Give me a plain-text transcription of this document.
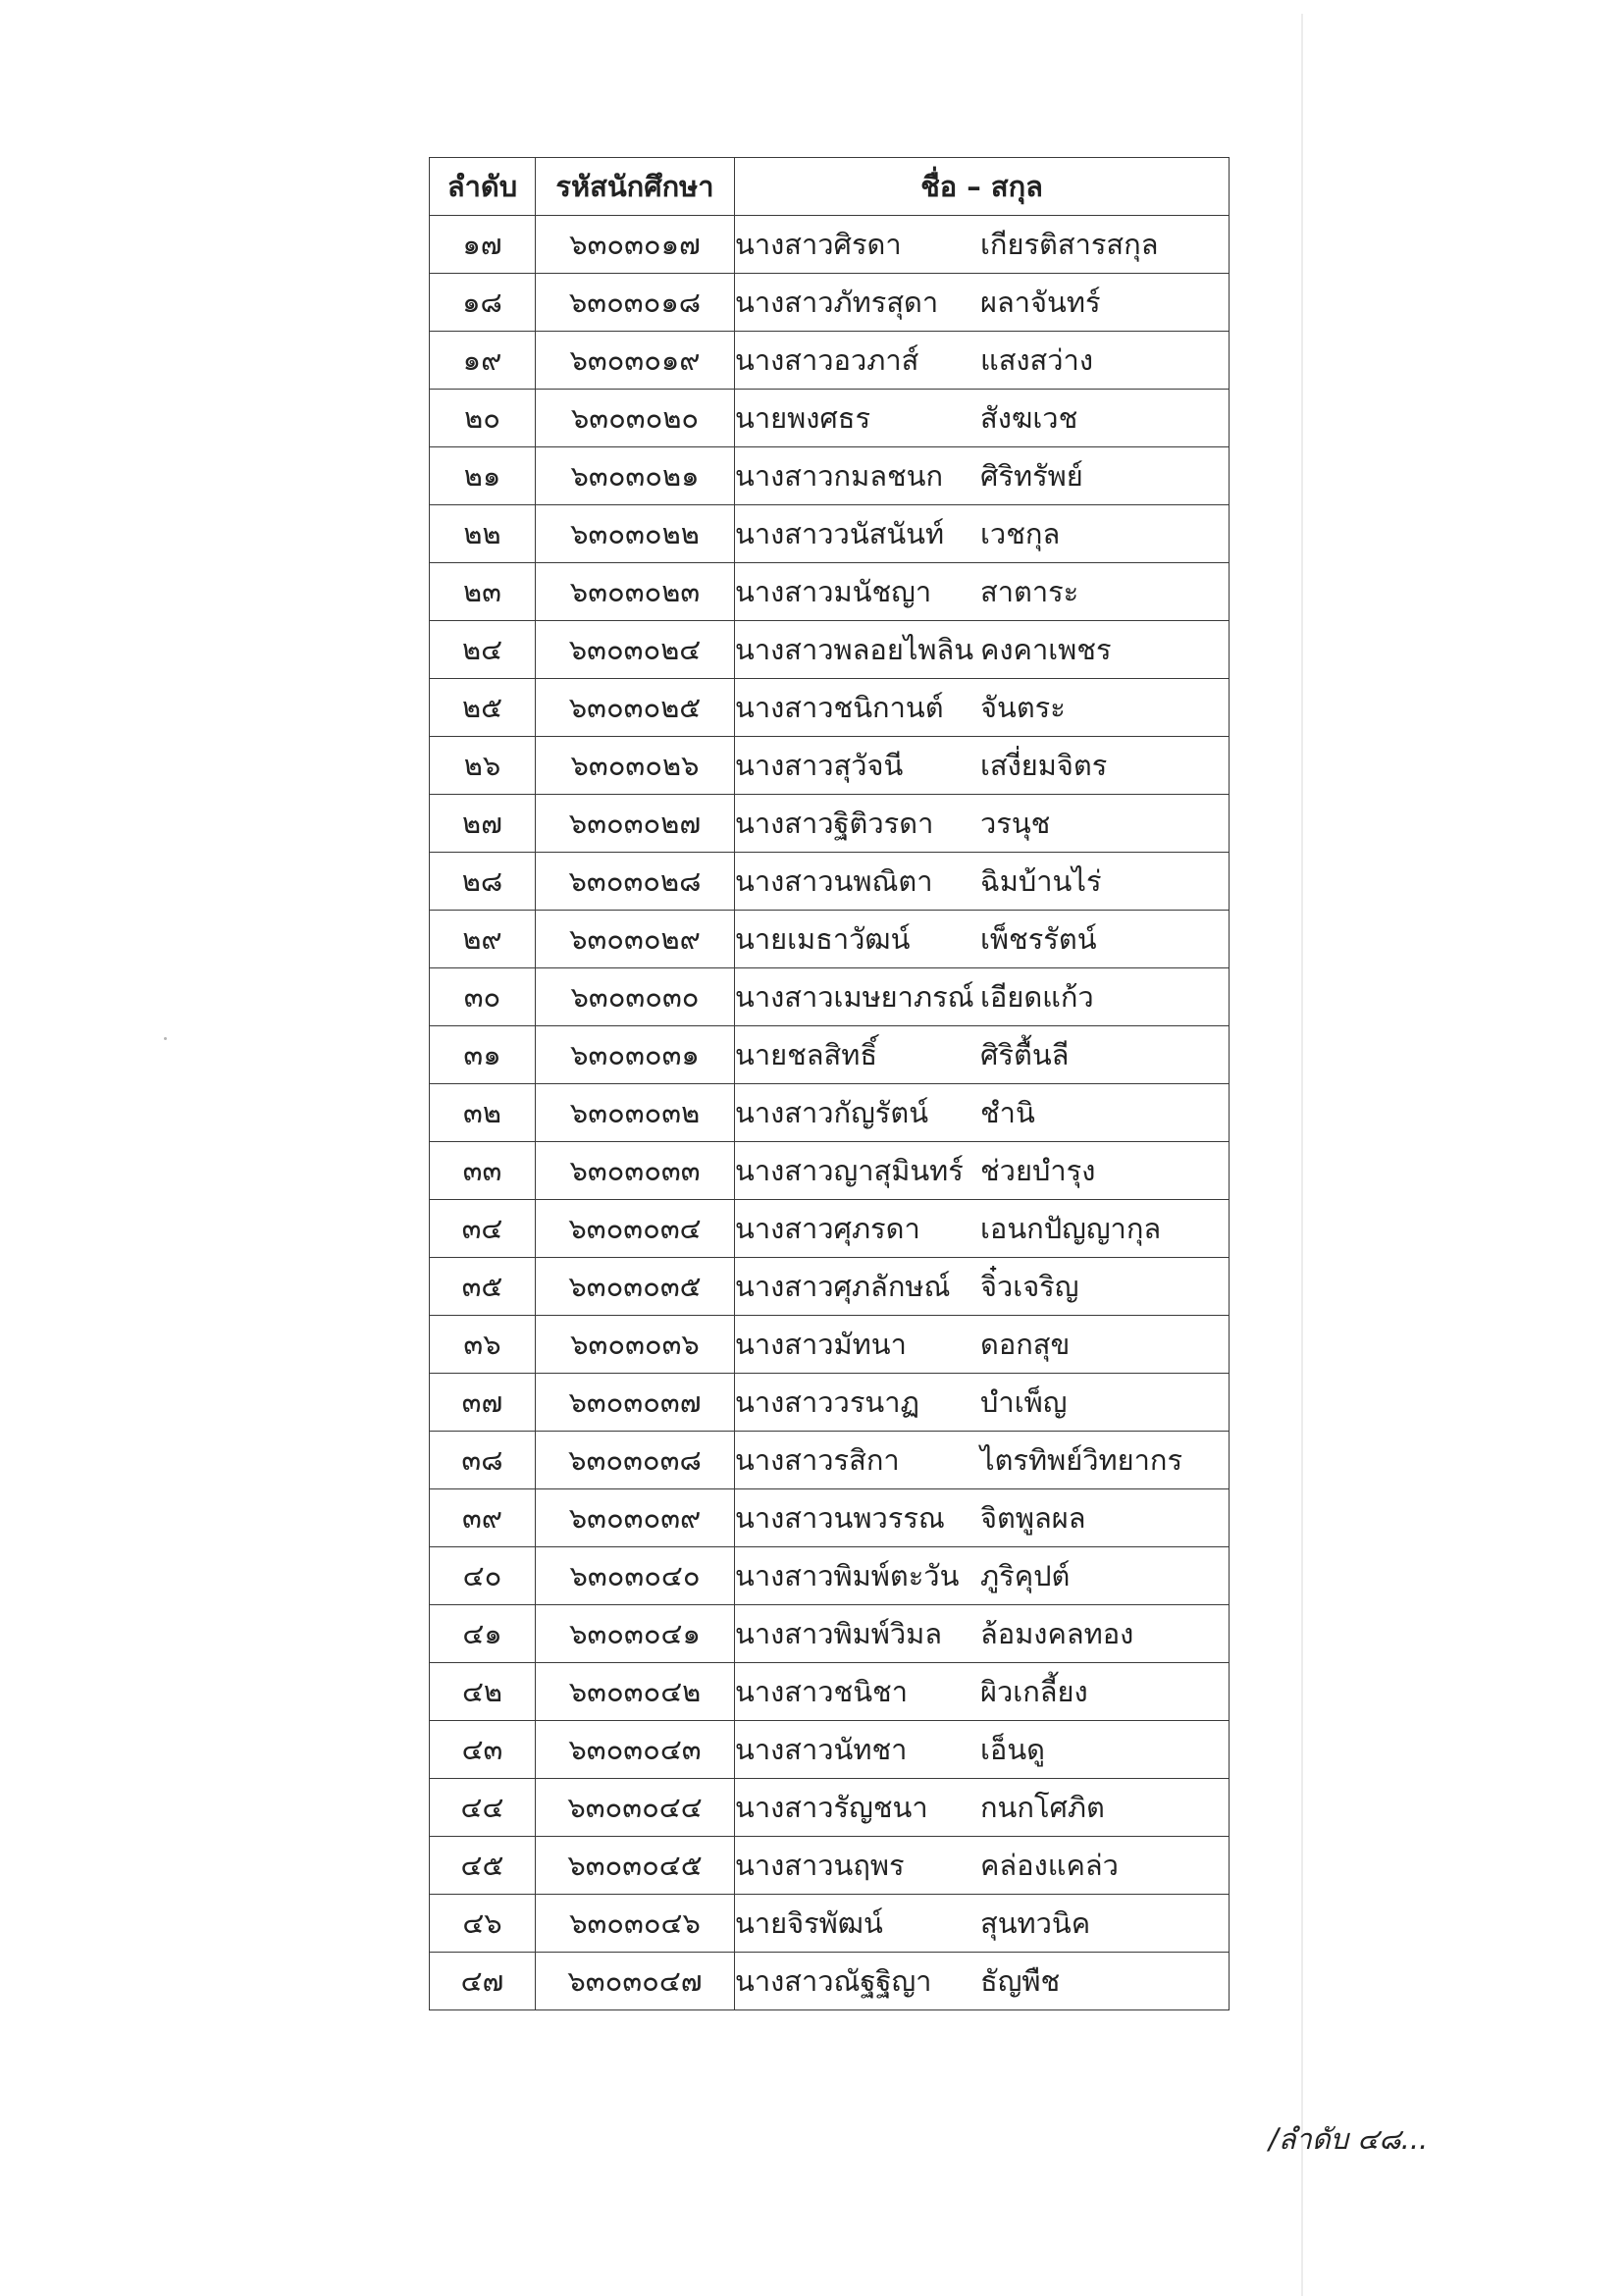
ลำดับ	รหัสนักศึกษา	ชื่อ – สกุล
๑๗	๖๓๐๓๐๑๗	นางสาวศิรดา เกียรติสารสกุล
๑๘	๖๓๐๓๐๑๘	นางสาวภัทรสุดา ผลาจันทร์
๑๙	๖๓๐๓๐๑๙	นางสาวอวภาส์ แสงสว่าง
๒๐	๖๓๐๓๐๒๐	นายพงศธร สังฆเวช
๒๑	๖๓๐๓๐๒๑	นางสาวกมลชนก ศิริทรัพย์
๒๒	๖๓๐๓๐๒๒	นางสาววนัสนันท์ เวชกุล
๒๓	๖๓๐๓๐๒๓	นางสาวมนัชญา สาตาระ
๒๔	๖๓๐๓๐๒๔	นางสาวพลอยไพลิน คงคาเพชร
๒๕	๖๓๐๓๐๒๕	นางสาวชนิกานต์ จันตระ
๒๖	๖๓๐๓๐๒๖	นางสาวสุวัจนี เสงี่ยมจิตร
๒๗	๖๓๐๓๐๒๗	นางสาวฐิติวรดา วรนุช
๒๘	๖๓๐๓๐๒๘	นางสาวนพณิตา ฉิมบ้านไร่
๒๙	๖๓๐๓๐๒๙	นายเมธาวัฒน์ เพ็ชรรัตน์
๓๐	๖๓๐๓๐๓๐	นางสาวเมษยาภรณ์ เอียดแก้ว
๓๑	๖๓๐๓๐๓๑	นายชลสิทธิ์ ศิริตื้นลี
๓๒	๖๓๐๓๐๓๒	นางสาวกัญรัตน์ ชำนิ
๓๓	๖๓๐๓๐๓๓	นางสาวญาสุมินทร์ ช่วยบำรุง
๓๔	๖๓๐๓๐๓๔	นางสาวศุภรดา เอนกปัญญากุล
๓๕	๖๓๐๓๐๓๕	นางสาวศุภลักษณ์ จิ๋วเจริญ
๓๖	๖๓๐๓๐๓๖	นางสาวมัทนา ดอกสุข
๓๗	๖๓๐๓๐๓๗	นางสาววรนาฏ บำเพ็ญ
๓๘	๖๓๐๓๐๓๘	นางสาวรสิกา ไตรทิพย์วิทยากร
๓๙	๖๓๐๓๐๓๙	นางสาวนพวรรณ จิตพูลผล
๔๐	๖๓๐๓๐๔๐	นางสาวพิมพ์ตะวัน ภูริคุปต์
๔๑	๖๓๐๓๐๔๑	นางสาวพิมพ์วิมล ล้อมงคลทอง
๔๒	๖๓๐๓๐๔๒	นางสาวชนิชา ผิวเกลี้ยง
๔๓	๖๓๐๓๐๔๓	นางสาวนัทชา เอ็นดู
๔๔	๖๓๐๓๐๔๔	นางสาวรัญชนา กนกโศภิต
๔๕	๖๓๐๓๐๔๕	นางสาวนฤพร คล่องแคล่ว
๔๖	๖๓๐๓๐๔๖	นายจิรพัฒน์ สุนทวนิค
๔๗	๖๓๐๓๐๔๗	นางสาวณัฐฐิญา ธัญพืช
/ลำดับ ๔๘...
